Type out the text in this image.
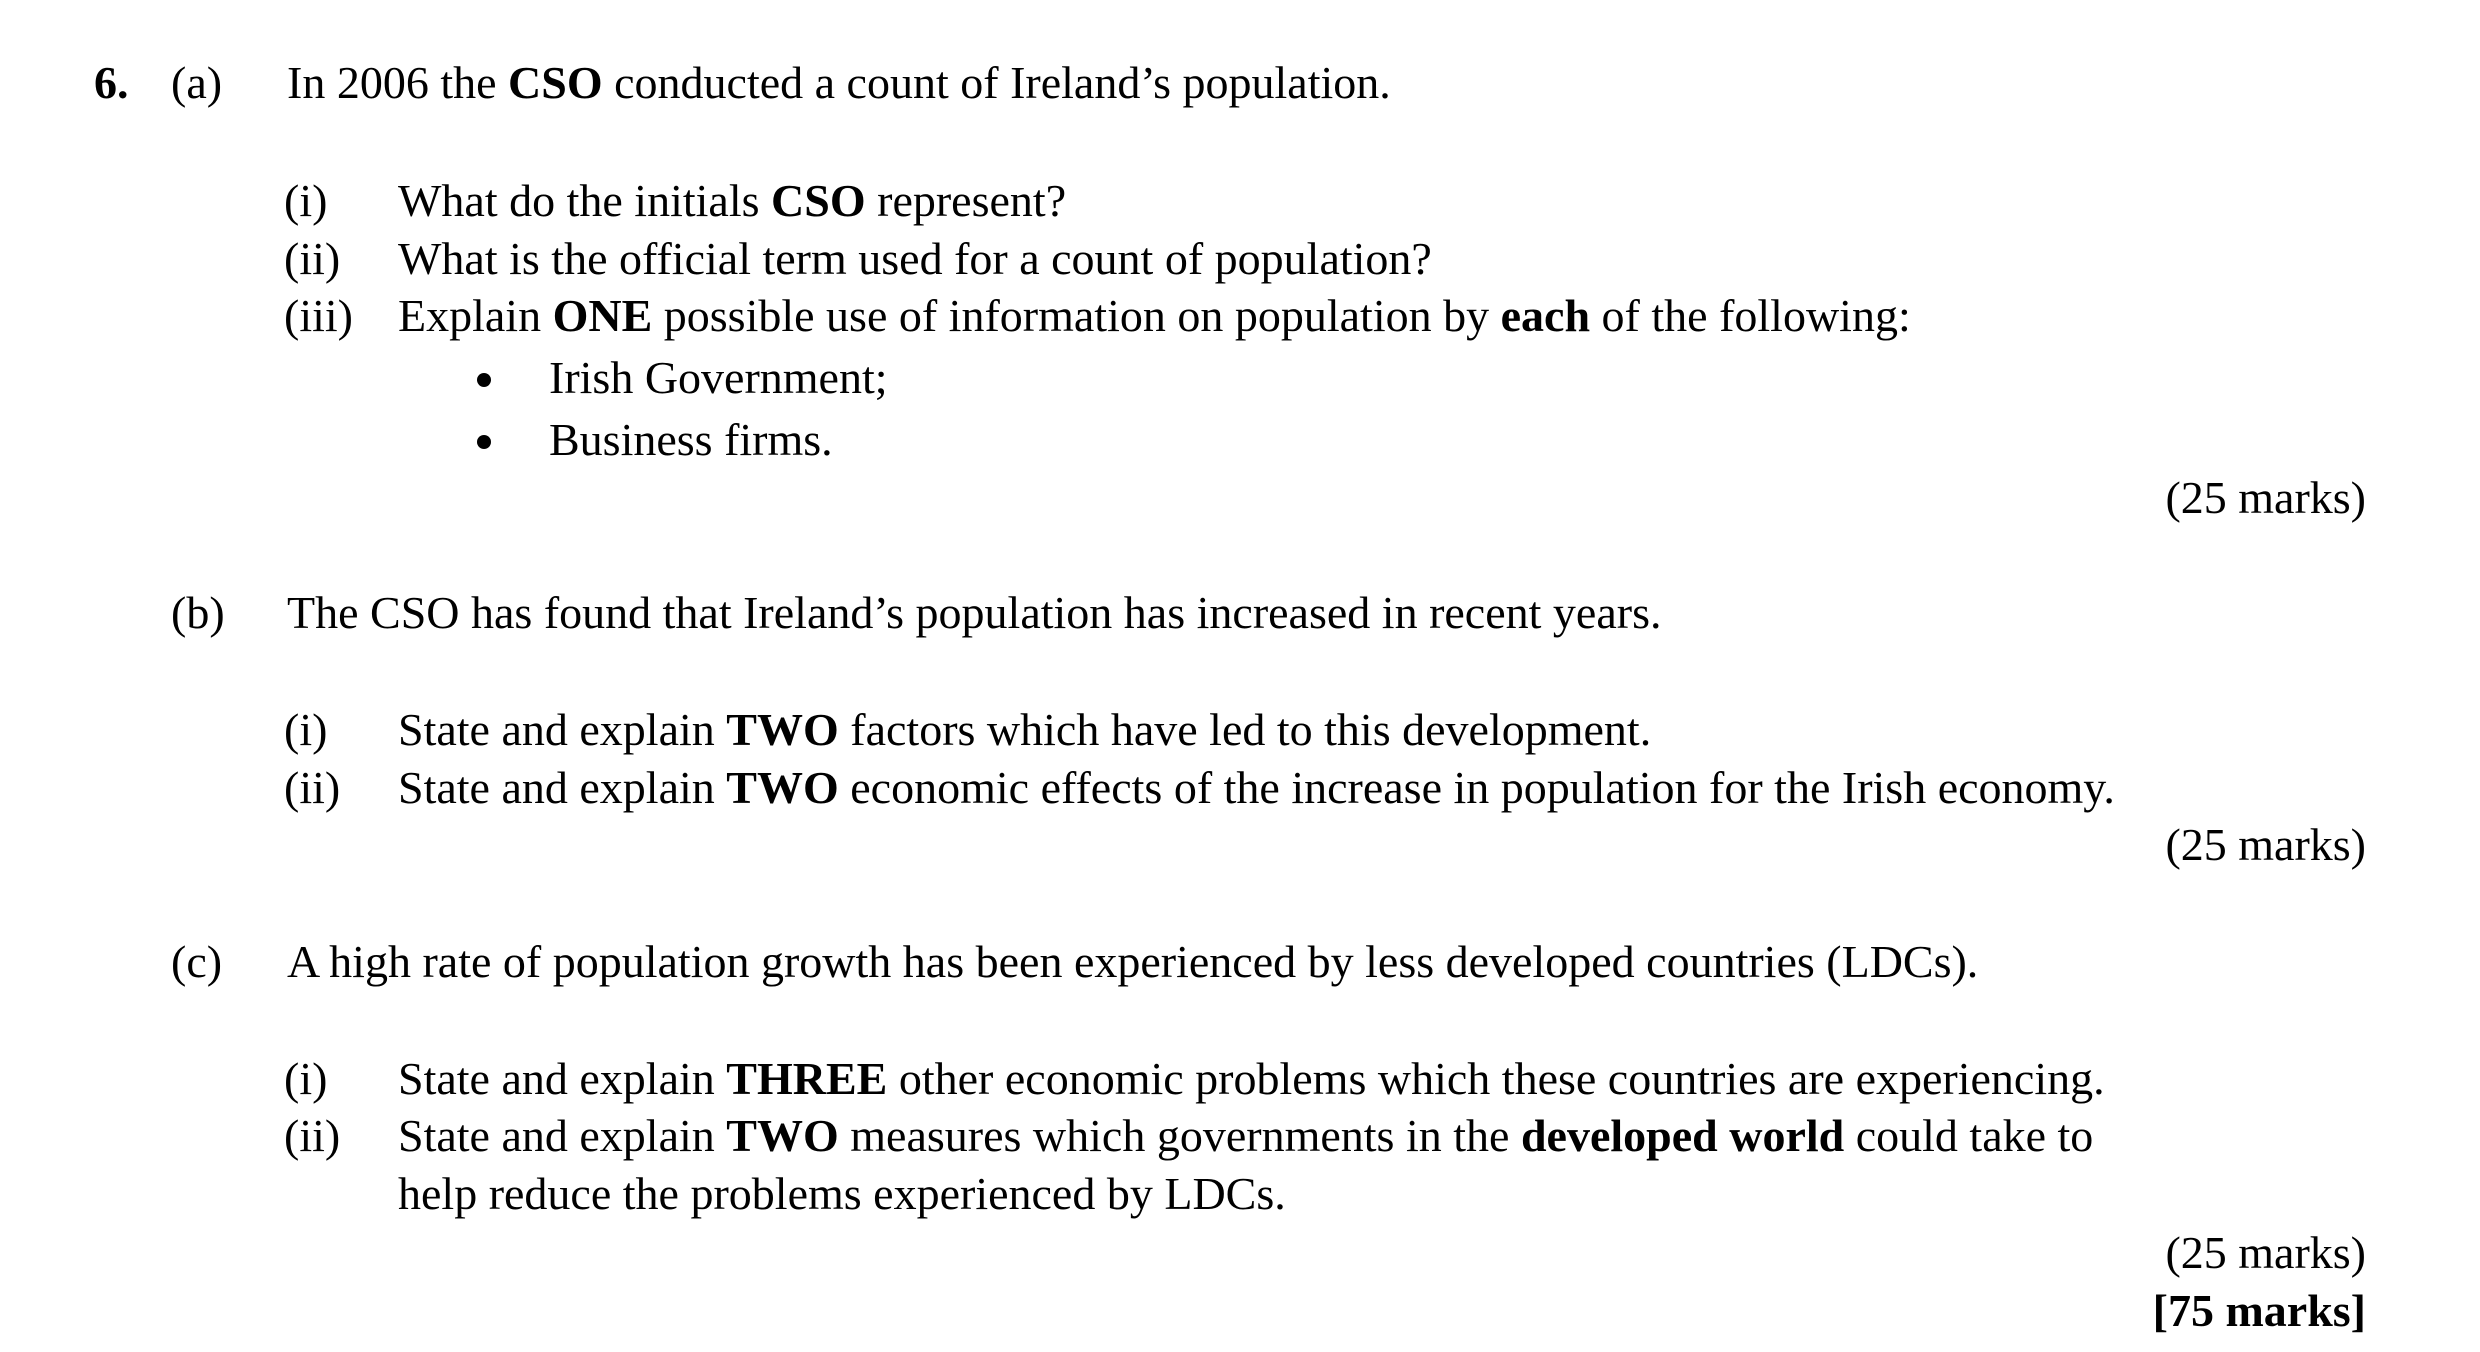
6. (a) In 2006 the CSO conducted a count of Ireland’s population.
(i) What do the initials CSO represent?
(ii) What is the official term used for a count of population?
(iii) Explain ONE possible use of information on population by each of the following:
Irish Government;
Business firms.
(25 marks)
(b) The CSO has found that Ireland’s population has increased in recent years.
(i) State and explain TWO factors which have led to this development.
(ii) State and explain TWO economic effects of the increase in population for the Irish economy.
(25 marks)
(c) A high rate of population growth has been experienced by less developed countries (LDCs).
(i) State and explain THREE other economic problems which these countries are experiencing.
(ii) State and explain TWO measures which governments in the developed world could take to
help reduce the problems experienced by LDCs.
(25 marks)
[75 marks]
